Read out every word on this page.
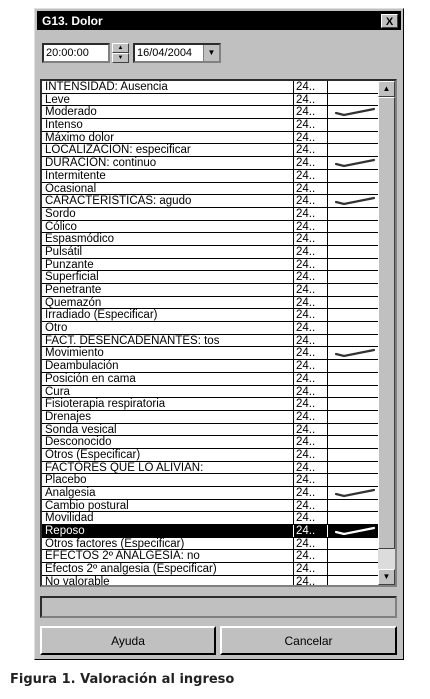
G13. Dolor	X
20:00:00	▲
▼	16/04/2004	▼
INTENSIDAD: Ausencia	24..
Leve	24..
Moderado	24..
Intenso	24..
Máximo dolor	24..
LOCALIZACION: especificar	24..
DURACION: continuo	24..
Intermitente	24..
Ocasional	24..
CARACTERISTICAS: agudo	24..
Sordo	24..
Cólico	24..
Espasmódico	24..
Pulsátil	24..
Punzante	24..
Superficial	24..
Penetrante	24..
Quemazón	24..
Irradiado (Especificar)	24..
Otro	24..
FACT. DESENCADENANTES: tos	24..
Movimiento	24..
Deambulación	24..
Posición en cama	24..
Cura	24..
Fisioterapia respiratoria	24..
Drenajes	24..
Sonda vesical	24..
Desconocido	24..
Otros (Especificar)	24..
FACTORES QUE LO ALIVIAN:	24..
Placebo	24..
Analgesia	24..
Cambio postural	24..
Movilidad	24..
Reposo	24..
Otros factores (Especificar)	24..
EFECTOS 2º ANALGESIA: no	24..
Efectos 2º analgesia (Especificar)	24..
No valorable	24..
▲
▼
Ayuda	Cancelar
Figura 1. Valoración al ingreso
